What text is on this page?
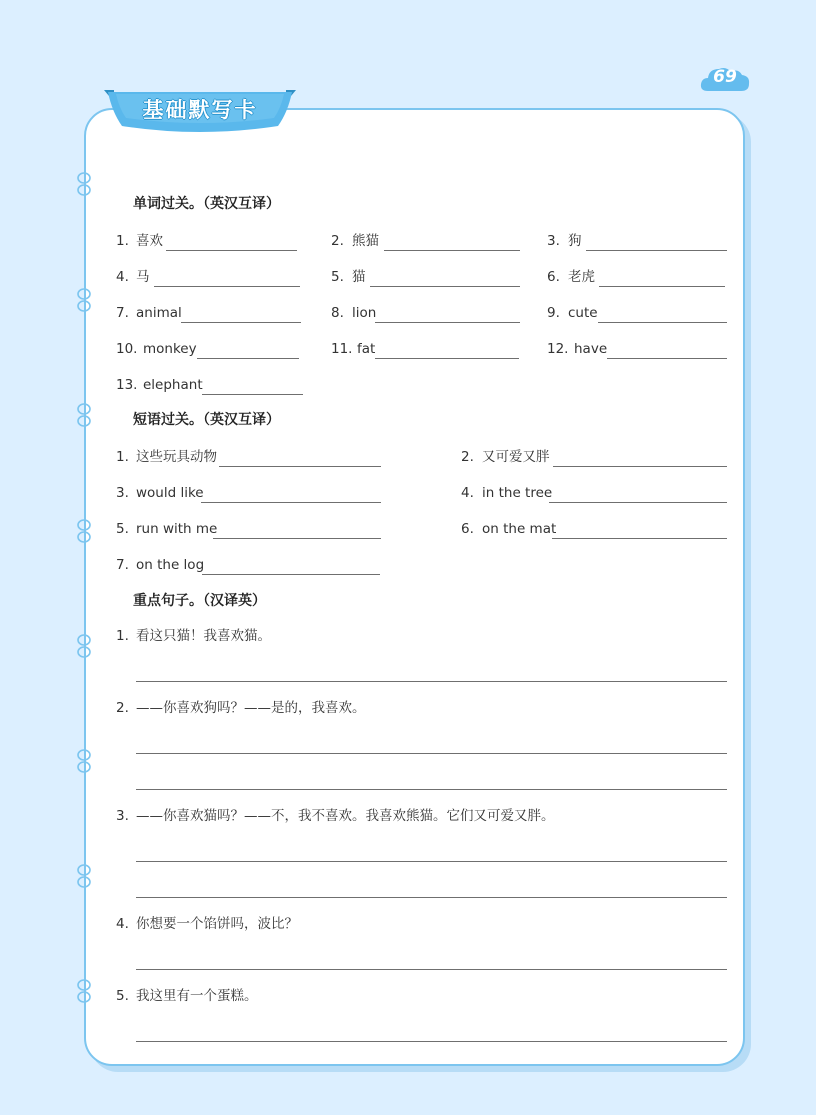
69
基础默写卡
单词过关。（英汉互译）
1. 喜欢	2. 熊猫	3. 狗
4. 马	5. 猫	6. 老虎
7. animal	8. lion	9. cute
10. monkey	11. fat	12. have
13. elephant
短语过关。（英汉互译）
1. 这些玩具动物	2. 又可爱又胖
3. would like	4. in the tree
5. run with me	6. on the mat
7. on the log
重点句子。（汉译英）
1. 看这只猫！我喜欢猫。
2. ——你喜欢狗吗？——是的，我喜欢。
3. ——你喜欢猫吗？——不，我不喜欢。我喜欢熊猫。它们又可爱又胖。
4. 你想要一个馅饼吗，波比？
5. 我这里有一个蛋糕。
